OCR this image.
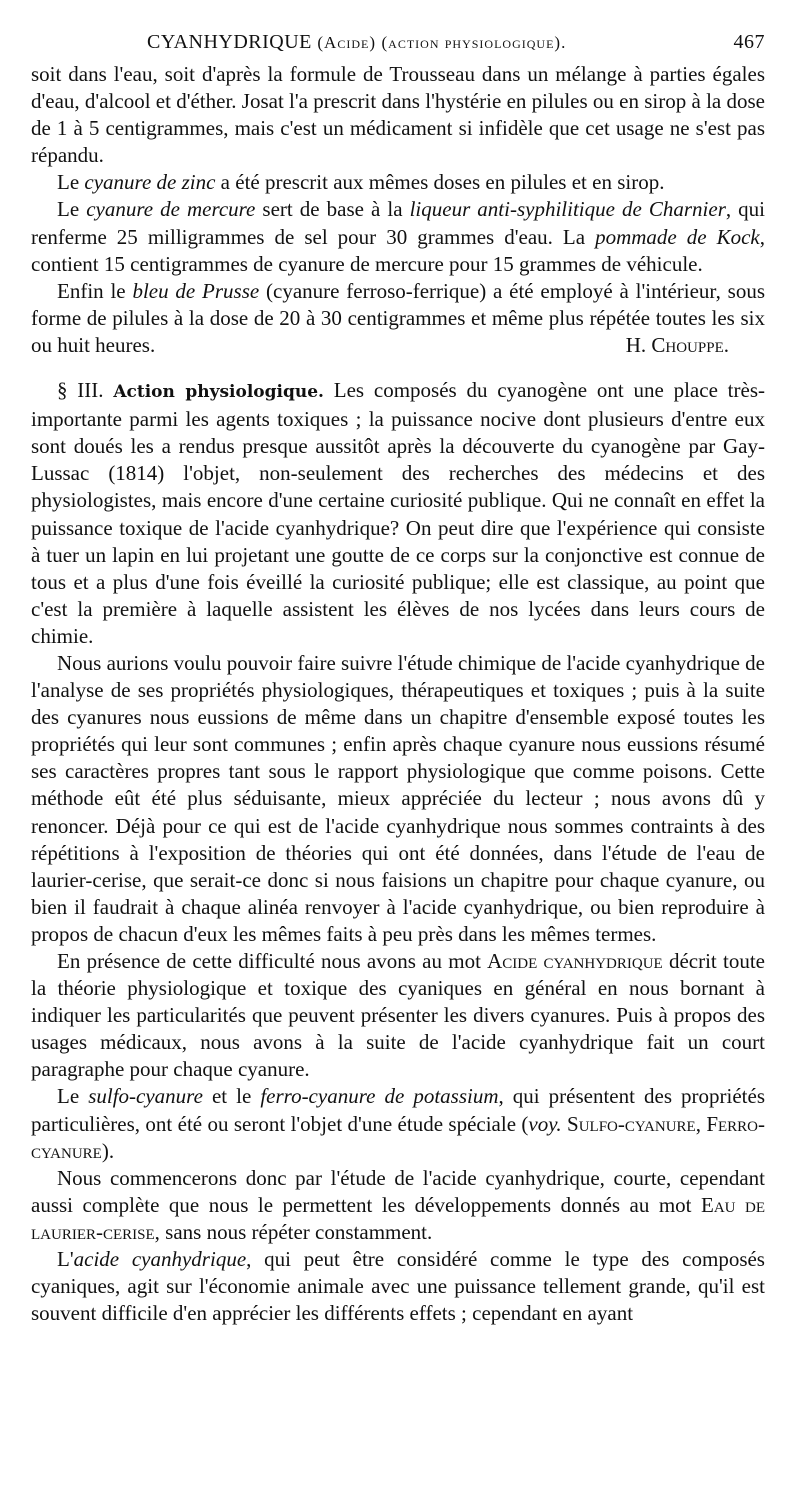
CYANHYDRIQUE (Acide) (action physiologique).	467

soit dans l'eau, soit d'après la formule de Trousseau dans un mélange à parties égales d'eau, d'alcool et d'éther. Josat l'a prescrit dans l'hystérie en pilules ou en sirop à la dose de 1 à 5 centigrammes, mais c'est un médicament si infidèle que cet usage ne s'est pas répandu.

Le cyanure de zinc a été prescrit aux mêmes doses en pilules et en sirop.

Le cyanure de mercure sert de base à la liqueur anti-syphilitique de Charnier, qui renferme 25 milligrammes de sel pour 30 grammes d'eau. La pommade de Kock, contient 15 centigrammes de cyanure de mercure pour 15 grammes de véhicule.

Enfin le bleu de Prusse (cyanure ferroso-ferrique) a été employé à l'intérieur, sous forme de pilules à la dose de 20 à 30 centigrammes et même plus répétée toutes les six ou huit heures.	H. Chouppe.

§ III. Action physiologique. Les composés du cyanogène ont une place très-importante parmi les agents toxiques ; la puissance nocive dont plusieurs d'entre eux sont doués les a rendus presque aussitôt après la découverte du cyanogène par Gay-Lussac (1814) l'objet, non-seulement des recherches des médecins et des physiologistes, mais encore d'une certaine curiosité publique. Qui ne connaît en effet la puissance toxique de l'acide cyanhydrique? On peut dire que l'expérience qui consiste à tuer un lapin en lui projetant une goutte de ce corps sur la conjonctive est connue de tous et a plus d'une fois éveillé la curiosité publique; elle est classique, au point que c'est la première à laquelle assistent les élèves de nos lycées dans leurs cours de chimie.

Nous aurions voulu pouvoir faire suivre l'étude chimique de l'acide cyanhydrique de l'analyse de ses propriétés physiologiques, thérapeutiques et toxiques ; puis à la suite des cyanures nous eussions de même dans un chapitre d'ensemble exposé toutes les propriétés qui leur sont communes ; enfin après chaque cyanure nous eussions résumé ses caractères propres tant sous le rapport physiologique que comme poisons. Cette méthode eût été plus séduisante, mieux appréciée du lecteur ; nous avons dû y renoncer. Déjà pour ce qui est de l'acide cyanhydrique nous sommes contraints à des répétitions à l'exposition de théories qui ont été données, dans l'étude de l'eau de laurier-cerise, que serait-ce donc si nous faisions un chapitre pour chaque cyanure, ou bien il faudrait à chaque alinéa renvoyer à l'acide cyanhydrique, ou bien reproduire à propos de chacun d'eux les mêmes faits à peu près dans les mêmes termes.

En présence de cette difficulté nous avons au mot Acide cyanhydrique décrit toute la théorie physiologique et toxique des cyaniques en général en nous bornant à indiquer les particularités que peuvent présenter les divers cyanures. Puis à propos des usages médicaux, nous avons à la suite de l'acide cyanhydrique fait un court paragraphe pour chaque cyanure.

Le sulfo-cyanure et le ferro-cyanure de potassium, qui présentent des propriétés particulières, ont été ou seront l'objet d'une étude spéciale (voy. Sulfo-cyanure, Ferro-cyanure).

Nous commencerons donc par l'étude de l'acide cyanhydrique, courte, cependant aussi complète que nous le permettent les développements donnés au mot Eau de laurier-cerise, sans nous répéter constamment.

L'acide cyanhydrique, qui peut être considéré comme le type des composés cyaniques, agit sur l'économie animale avec une puissance tellement grande, qu'il est souvent difficile d'en apprécier les différents effets ; cependant en ayant
